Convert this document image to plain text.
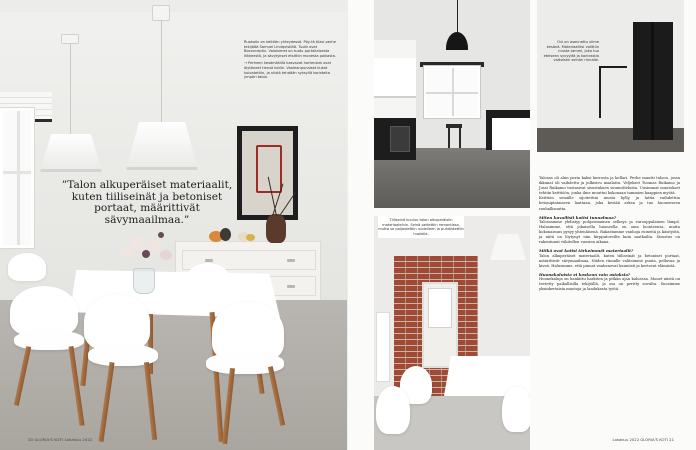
Ruokailu on keittiön yhteydessä. Pöy-tä tilasi perhe tekijältä Samuel Lindqvistiltä. Tuolit ovat Boconceptin. Valaisimet on tuotu pariisilaisesta liikkeestä, ja sävytykset etsittiin monesta paikasta.

→ Perheen kesämökillä kasvavat hortensiat ovat löytäneet tiensä kotiin. Vaaleanpunaiset kukat kuivatettiin, ja niistä tehdään syksyllä koristeita ympäri taloa.

”Talon alkuperäiset materiaalit, kuten tiiliseinät ja betoniset portaat, määrittivät sävymaailmaa.”
20 GLORIA'S KOTI Lokakuu 2022
Ovi on asennettu viime kesänä. Materiaaliksi valittiin musta tammi, joka tuo eteiseen syvyyttä ja kontrastia valkoisen seinän rinnalle.
Tiiliseinä kuuluu talon alkuperäisiin materiaaleihin. Seinä peitettiin remontissa, mutta se paljastettiin uudelleen ja puhdistettiin huolella.

Talossa oli alun perin kaksi kerrosta ja kellari. Perhe muutti taloon, jossa ikkunat oli vaihdettu ja julkisivu maalattu. Veljekset Tuomas Ruikamo ja Jussi Ruikamo vastasivat sisustuksen suunnittelusta. Uusimmat muutokset tehtiin keittiöön, jonka ilme muuttui kokonaan tummien kaappien myötä.

Keittiön seinälle sijoitettiin musta hylly, ja lattia vaihdettiin betonipintaiseen laattaan, joka kestää arkea ja tuo huoneeseen rauhallisuutta.

Miten kuvailisit kotisi tunnelmaa?

Talossamme yhdistyy pohjoismainen selkeys ja eurooppalainen lämpö. Halusimme, että jokaisella huoneella on oma luonteensa, mutta kokonaisuus pysyy yhtenäisenä. Rakastamme vanhoja esineitä ja käsityötä, ja niitä on löytynyt niin kirpputoreilta kuin matkoilta. Sisustus on rakentunut vähitellen vuosien aikana.

Mitkä ovat kotisi tärkeimmät materiaalit?

Talon alkuperäiset materiaalit, kuten tiiliseinät ja betoniset portaat, määrittivät sävymaailmaa. Niiden rinnalle valitsimme puuta, pellavaa ja kiveä. Halusimme, että pinnat vanhenevat kauniisti ja kertovat elämästä.

Huonekaluista ei koskaan vain ostoksia?

Huonekaluja on hankittu harkiten ja pitkän ajan kuluessa. Monet niistä on teetetty paikallisilla tekijöillä, ja osa on peritty suvulta. Suosimme yksinkertaisia muotoja ja laadukasta työtä.

Lokakuu 2022 GLORIA'S KOTI 21
